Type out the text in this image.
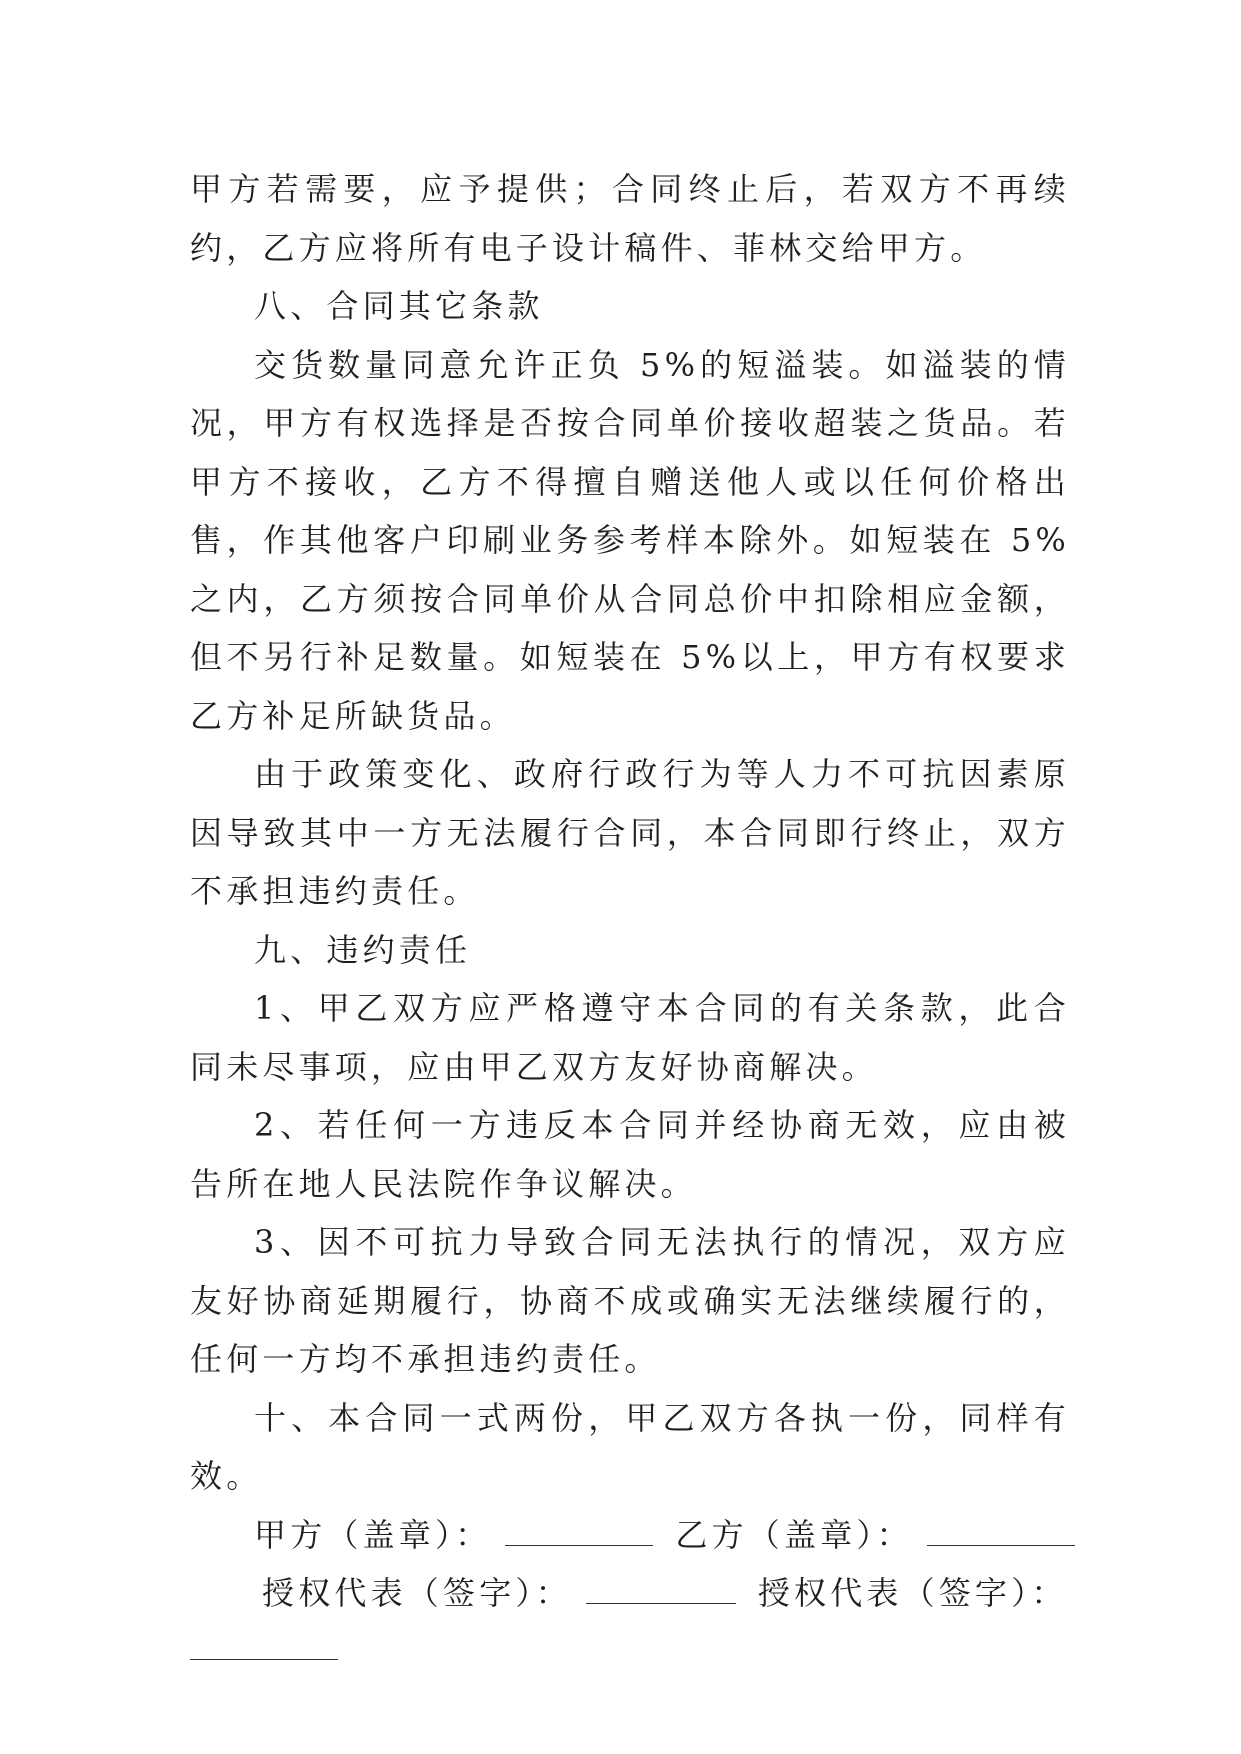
甲方若需要，应予提供；合同终止后，若双方不再续约，乙方应将所有电子设计稿件、菲林交给甲方。

八、合同其它条款

交货数量同意允许正负 5%的短溢装。如溢装的情况，甲方有权选择是否按合同单价接收超装之货品。若甲方不接收，乙方不得擅自赠送他人或以任何价格出售，作其他客户印刷业务参考样本除外。如短装在 5%之内，乙方须按合同单价从合同总价中扣除相应金额，但不另行补足数量。如短装在 5%以上，甲方有权要求乙方补足所缺货品。

由于政策变化、政府行政行为等人力不可抗因素原因导致其中一方无法履行合同，本合同即行终止，双方不承担违约责任。

九、违约责任

1、甲乙双方应严格遵守本合同的有关条款，此合同未尽事项，应由甲乙双方友好协商解决。

2、若任何一方违反本合同并经协商无效，应由被告所在地人民法院作争议解决。

3、因不可抗力导致合同无法执行的情况，双方应友好协商延期履行，协商不成或确实无法继续履行的，任何一方均不承担违约责任。

十、本合同一式两份，甲乙双方各执一份，同样有效。

甲方（盖章）：	乙方（盖章）：

授权代表（签字）：	授权代表（签字）：
